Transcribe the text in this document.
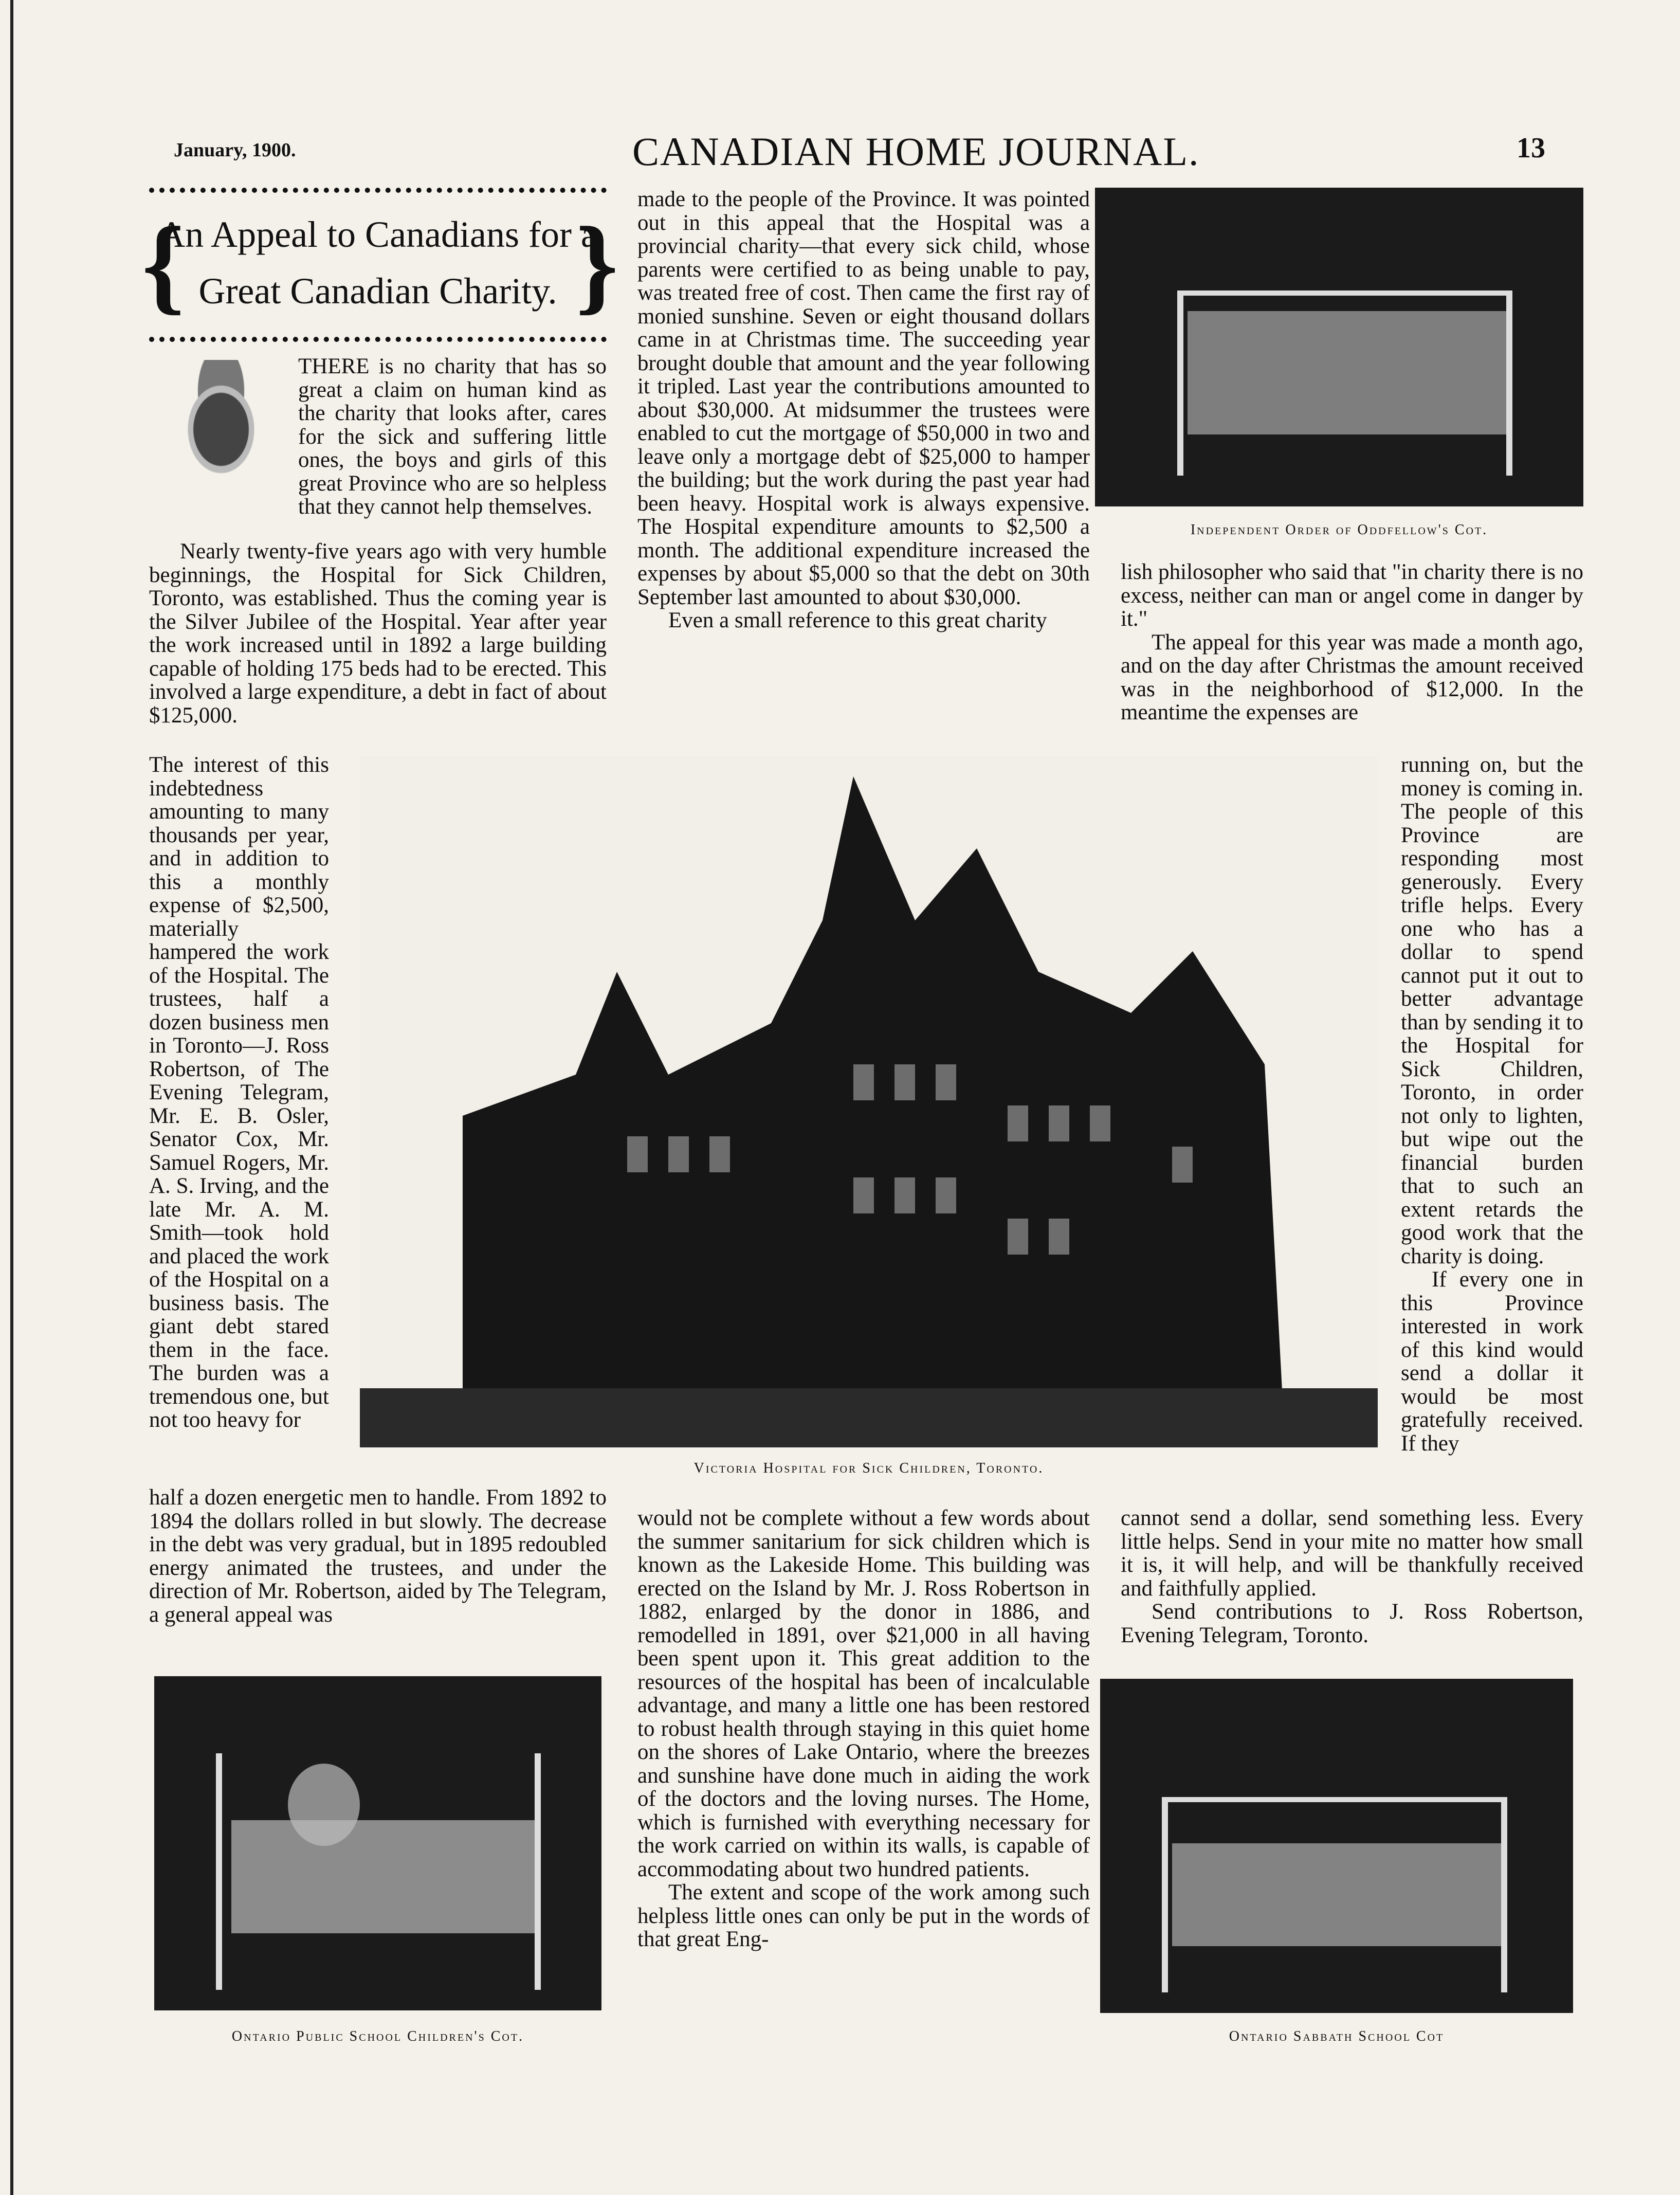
January, 1900.	CANADIAN HOME JOURNAL.	13
{
An Appeal to Canadians for a
Great Canadian Charity. }

THERE is no charity that has so great a claim on human kind as the charity that looks after, cares for the sick and suffering little ones, the boys and girls of this great Province who are so helpless that they cannot help themselves.

Nearly twenty-five years ago with very humble beginnings, the Hospital for Sick Children, Toronto, was established. Thus the coming year is the Silver Jubilee of the Hospital. Year after year the work increased until in 1892 a large building capable of holding 175 beds had to be erected. This involved a large expenditure, a debt in fact of about $125,000.

The interest of this indebtedness amounting to many thousands per year, and in addition to this a monthly expense of $2,500, materially hampered the work of the Hospital. The trustees, half a dozen business men in Toronto—J. Ross Robertson, of The Evening Telegram, Mr. E. B. Osler, Senator Cox, Mr. Samuel Rogers, Mr. A. S. Irving, and the late Mr. A. M. Smith—took hold and placed the work of the Hospital on a business basis. The giant debt stared them in the face. The burden was a tremendous one, but not too heavy for

half a dozen energetic men to handle. From 1892 to 1894 the dollars rolled in but slowly. The decrease in the debt was very gradual, but in 1895 redoubled energy animated the trustees, and under the direction of Mr. Robertson, aided by The Telegram, a general appeal was

made to the people of the Province. It was pointed out in this appeal that the Hospital was a provincial charity—that every sick child, whose parents were certified to as being unable to pay, was treated free of cost. Then came the first ray of monied sunshine. Seven or eight thousand dollars came in at Christmas time. The succeeding year brought double that amount and the year following it tripled. Last year the contributions amounted to about $30,000. At midsummer the trustees were enabled to cut the mortgage of $50,000 in two and leave only a mortgage debt of $25,000 to hamper the building; but the work during the past year had been heavy. Hospital work is always expensive. The Hospital expenditure amounts to $2,500 a month. The additional expenditure increased the expenses by about $5,000 so that the debt on 30th September last amounted to about $30,000.

Even a small reference to this great charity

Victoria Hospital for Sick Children, Toronto.
Independent Order of Oddfellow's Cot.

lish philosopher who said that "in charity there is no excess, neither can man or angel come in danger by it."

The appeal for this year was made a month ago, and on the day after Christmas the amount received was in the neighborhood of $12,000. In the meantime the expenses are

running on, but the money is coming in. The people of this Province are responding most generously. Every trifle helps. Every one who has a dollar to spend cannot put it out to better advantage than by sending it to the Hospital for Sick Children, Toronto, in order not only to lighten, but wipe out the financial burden that to such an extent retards the good work that the charity is doing.

If every one in this Province interested in work of this kind would send a dollar it would be most gratefully received. If they

cannot send a dollar, send something less. Every little helps. Send in your mite no matter how small it is, it will help, and will be thankfully received and faithfully applied.

Send contributions to J. Ross Robertson, Evening Telegram, Toronto.

would not be complete without a few words about the summer sanitarium for sick children which is known as the Lakeside Home. This building was erected on the Island by Mr. J. Ross Robertson in 1882, enlarged by the donor in 1886, and remodelled in 1891, over $21,000 in all having been spent upon it. This great addition to the resources of the hospital has been of incalculable advantage, and many a little one has been restored to robust health through staying in this quiet home on the shores of Lake Ontario, where the breezes and sunshine have done much in aiding the work of the doctors and the loving nurses. The Home, which is furnished with everything necessary for the work carried on within its walls, is capable of accommodating about two hundred patients.

The extent and scope of the work among such helpless little ones can only be put in the words of that great Eng-

Ontario Public School Children's Cot.	Ontario Sabbath School Cot
